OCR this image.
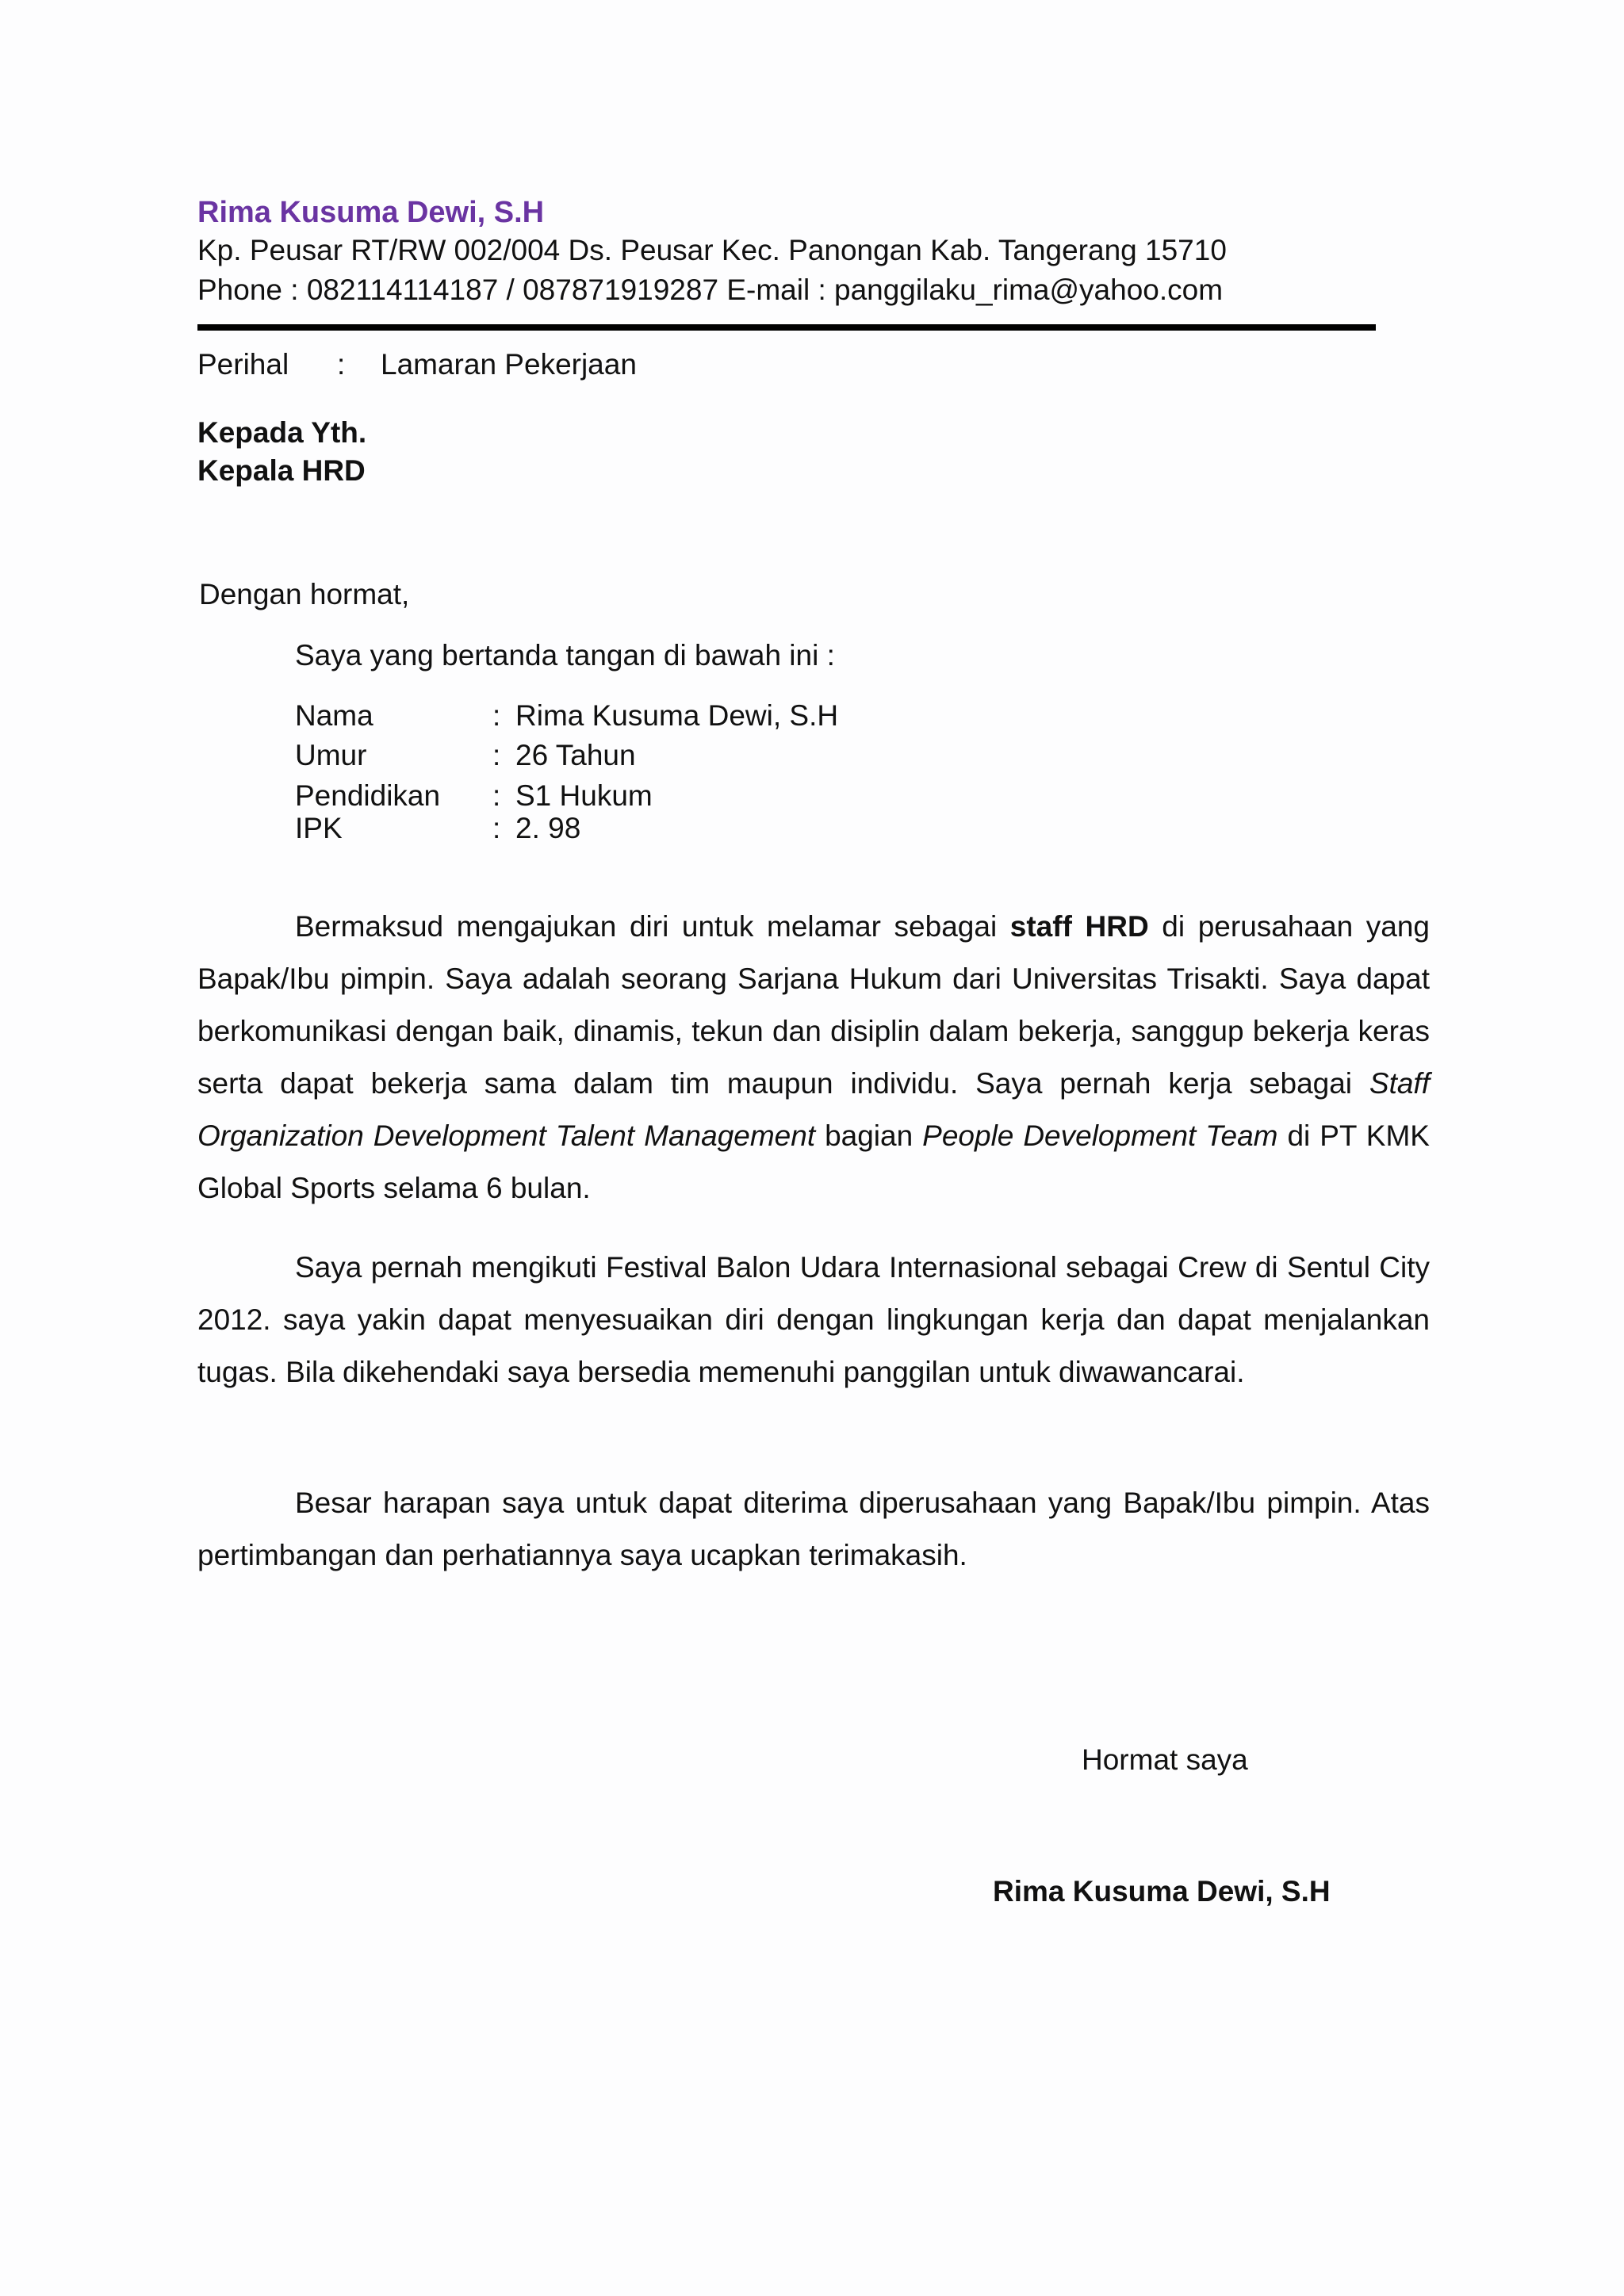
Rima Kusuma Dewi, S.H
Kp. Peusar RT/RW 002/004 Ds. Peusar Kec. Panongan Kab. Tangerang 15710
Phone : 082114114187 / 087871919287 E-mail : panggilaku_rima@yahoo.com
Perihal : Lamaran Pekerjaan
Kepada Yth.
Kepala HRD
Dengan hormat,
Saya yang bertanda tangan di bawah ini :
Nama	: Rima Kusuma Dewi, S.H
Umur	: 26 Tahun
Pendidikan : S1 Hukum
IPK	: 2. 98

Bermaksud mengajukan diri untuk melamar sebagai staff HRD di perusahaan yang Bapak/Ibu pimpin. Saya adalah seorang Sarjana Hukum dari Universitas Trisakti. Saya dapat berkomunikasi dengan baik, dinamis, tekun dan disiplin dalam bekerja, sanggup bekerja keras serta dapat bekerja sama dalam tim maupun individu. Saya pernah kerja sebagai Staff Organization Development Talent Management bagian People Development Team di PT KMK Global Sports selama 6 bulan.

Saya pernah mengikuti Festival Balon Udara Internasional sebagai Crew di Sentul City 2012. saya yakin dapat menyesuaikan diri dengan lingkungan kerja dan dapat menjalankan tugas. Bila dikehendaki saya bersedia memenuhi panggilan untuk diwawancarai.

Besar harapan saya untuk dapat diterima diperusahaan yang Bapak/Ibu pimpin. Atas pertimbangan dan perhatiannya saya ucapkan terimakasih.

Hormat saya
Rima Kusuma Dewi, S.H
